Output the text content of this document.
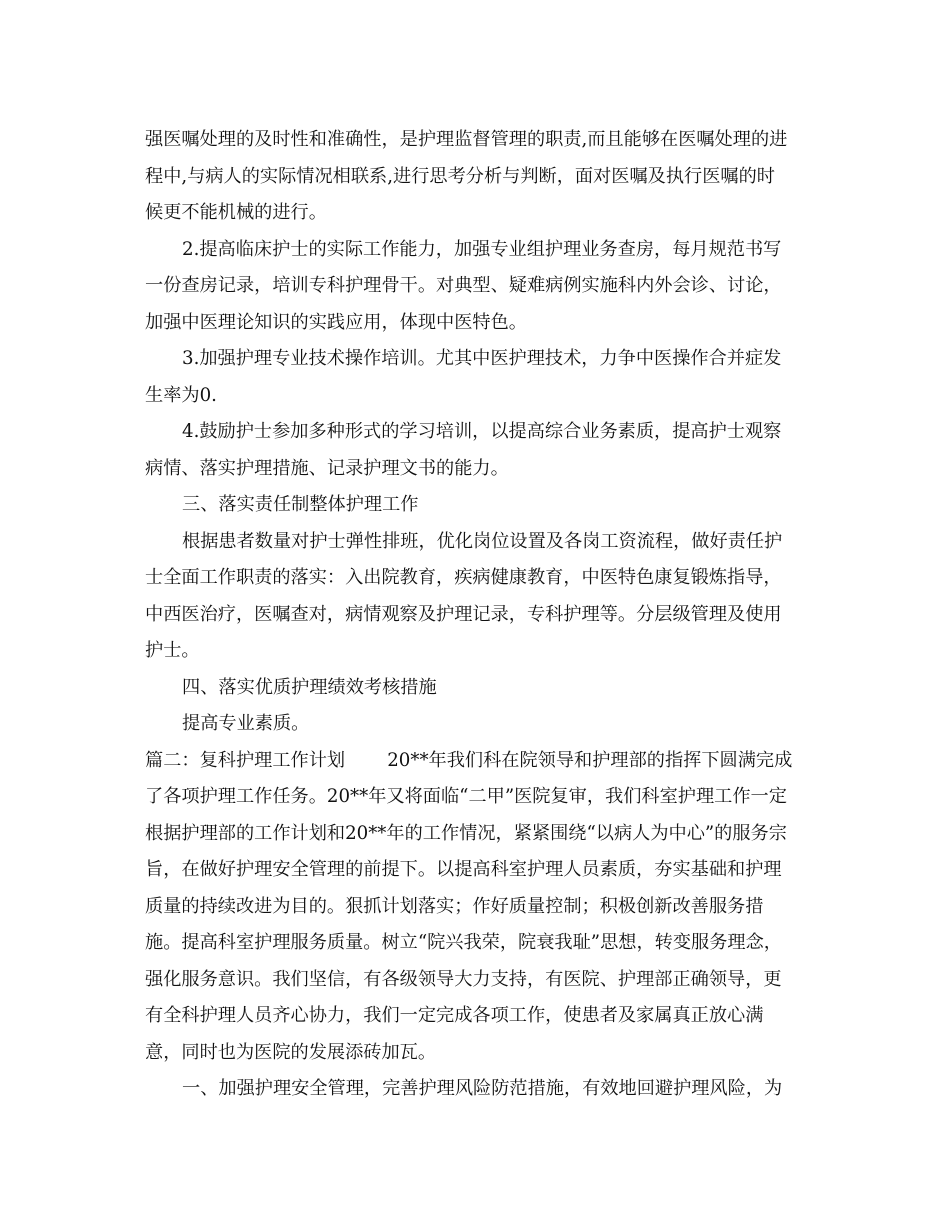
强医嘱处理的及时性和准确性，是护理监督管理的职责,而且能够在医嘱处理的进
程中,与病人的实际情况相联系,进行思考分析与判断，面对医嘱及执行医嘱的时
候更不能机械的进行。
2.提高临床护士的实际工作能力，加强专业组护理业务查房，每月规范书写
一份查房记录，培训专科护理骨干。对典型、疑难病例实施科内外会诊、讨论，
加强中医理论知识的实践应用，体现中医特色。
3.加强护理专业技术操作培训。尤其中医护理技术，力争中医操作合并症发
生率为0.
4.鼓励护士参加多种形式的学习培训，以提高综合业务素质，提高护士观察
病情、落实护理措施、记录护理文书的能力。
三、落实责任制整体护理工作
根据患者数量对护士弹性排班，优化岗位设置及各岗工资流程，做好责任护
士全面工作职责的落实：入出院教育，疾病健康教育，中医特色康复锻炼指导，
中西医治疗，医嘱查对，病情观察及护理记录，专科护理等。分层级管理及使用
护士。
四、落实优质护理绩效考核措施
提高专业素质。
篇二：复科护理工作计划　　 20**年我们科在院领导和护理部的指挥下圆满完成
了各项护理工作任务。20**年又将面临“二甲”医院复审，我们科室护理工作一定
根据护理部的工作计划和20**年的工作情况，紧紧围绕“以病人为中心”的服务宗
旨，在做好护理安全管理的前提下。以提高科室护理人员素质，夯实基础和护理
质量的持续改进为目的。狠抓计划落实；作好质量控制；积极创新改善服务措
施。提高科室护理服务质量。树立“院兴我荣，院衰我耻”思想，转变服务理念，
强化服务意识。我们坚信，有各级领导大力支持，有医院、护理部正确领导，更
有全科护理人员齐心协力，我们一定完成各项工作，使患者及家属真正放心满
意，同时也为医院的发展添砖加瓦。
一、加强护理安全管理，完善护理风险防范措施，有效地回避护理风险，为
